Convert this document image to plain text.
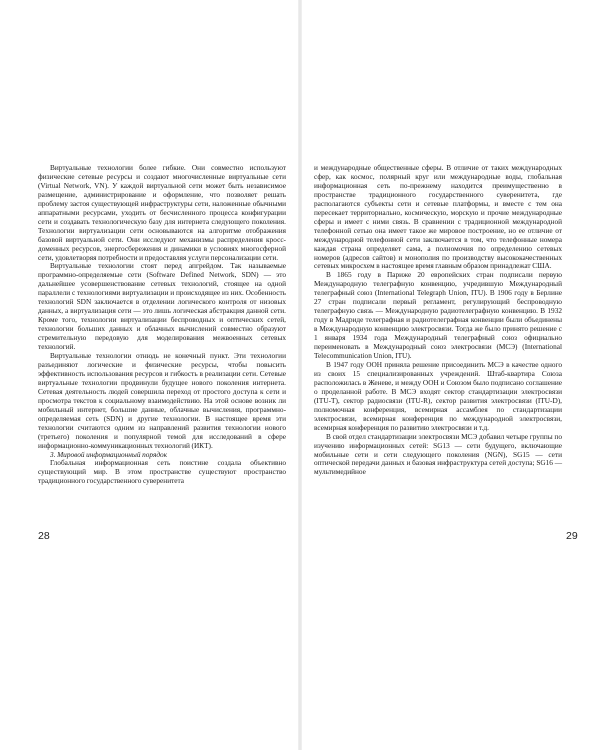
Виртуальные технологии более гибкие. Они совместно используют физические сетевые ресурсы и создают многочисленные виртуальные сети (Virtual Network, VN). У каждой виртуальной сети может быть независимое размещение, администрирование и оформление, что позволяет решать проблему застоя существующей инфраструктуры сети, наложенные обычными аппаратными ресурсами, уходить от бесчисленного процесса конфигурации сети и создавать технологическую базу для интернета следующего поколения. Технологии виртуализации сети основываются на алгоритме отображения базовой виртуальной сети. Они исследуют механизмы распределения кросс-доменных ресурсов, энергосбережения и динамики в условиях многосферной сети, удовлетворяя потребности и предоставляя услуги персонализации сети.

Виртуальные технологии стоят перед апгрейдом. Так называемые программно-определяемые сети (Software Defined Network, SDN) — это дальнейшее усовершенствование сетевых технологий, стоящее на одной параллели с технологиями виртуализации и происходящее из них. Особенность технологий SDN заключается в отделении логического контроля от низовых данных, а виртуализация сети — это лишь логическая абстракция данной сети. Кроме того, технологии виртуализации беспроводных и оптических сетей, технологии больших данных и облачных вычислений совместно образуют стремительную передовую для моделирования межвоенных сетевых технологий.

Виртуальные технологии отнюдь не конечный пункт. Эти технологии разъединяют логические и физические ресурсы, чтобы повысить эффективность использования ресурсов и гибкость в реализации сети. Сетевые виртуальные технологии продвинули будущее нового поколения интернета. Сетевая деятельность людей совершила переход от простого доступа к сети и просмотра текстов к социальному взаимодействию. На этой основе возник ли мобильный интернет, большие данные, облачные вычисления, программно-определяемая сеть (SDN) и другие технологии. В настоящее время эти технологии считаются одним из направлений развития технологии нового (третьего) поколения и популярной темой для исследований в сфере информационно-коммуникационных технологий (ИКТ).

3. Мировой информационный порядок

Глобальная информационная сеть поистине создала объективно существующий мир. В этом пространстве существуют пространство традиционного государственного суверенитета

28

и международные общественные сферы. В отличие от таких международных сфер, как космос, полярный круг или международные воды, глобальная информационная сеть по-прежнему находится преимущественно в пространстве традиционного государственного суверенитета, где располагаются субъекты сети и сетевые платформы, и вместе с тем она пересекает территориально, космическую, морскую и прочие международные сферы и имеет с ними связь. В сравнении с традиционной международной телефонной сетью она имеет такое же мировое построение, но ее отличие от международной телефонной сети заключается в том, что телефонные номера каждая страна определяет сама, а полномочия по определению сетевых номеров (адресов сайтов) и монополия по производству высококачественных сетевых микросхем в настоящее время главным образом принадлежат США.

В 1865 году в Париже 20 европейских стран подписали первую Международную телеграфную конвенцию, учредившую Международный телеграфный союз (International Telegraph Union, ITU). В 1906 году в Берлине 27 стран подписали первый регламент, регулирующий беспроводную телеграфную связь — Международную радиотелеграфную конвенцию. В 1932 году в Мадриде телеграфная и радиотелеграфная конвенции были объединены в Международную конвенцию электросвязи. Тогда же было принято решение с 1 января 1934 года Международный телеграфный союз официально переименовать в Международный союз электросвязи (МСЭ) (International Telecommunication Union, ITU).

В 1947 году ООН приняла решение присоединить МСЭ в качестве одного из своих 15 специализированных учреждений. Штаб-квартира Союза расположилась в Женеве, и между ООН и Союзом было подписано соглашение о проделанной работе. В МСЭ входят сектор стандартизации электросвязи (ITU-T), сектор радиосвязи (ITU-R), сектор развития электросвязи (ITU-D), полномочная конференция, всемирная ассамблея по стандартизации электросвязи, всемирная конференция по международной электросвязи, всемирная конференция по развитию электросвязи и т.д.

В свой отдел стандартизации электросвязи МСЭ добавил четыре группы по изучению информационных сетей: SG13 — сети будущего, включающие мобильные сети и сети следующего поколения (NGN), SG15 — сети оптической передачи данных и базовая инфраструктура сетей доступа; SG16 — мультимедийное

29
